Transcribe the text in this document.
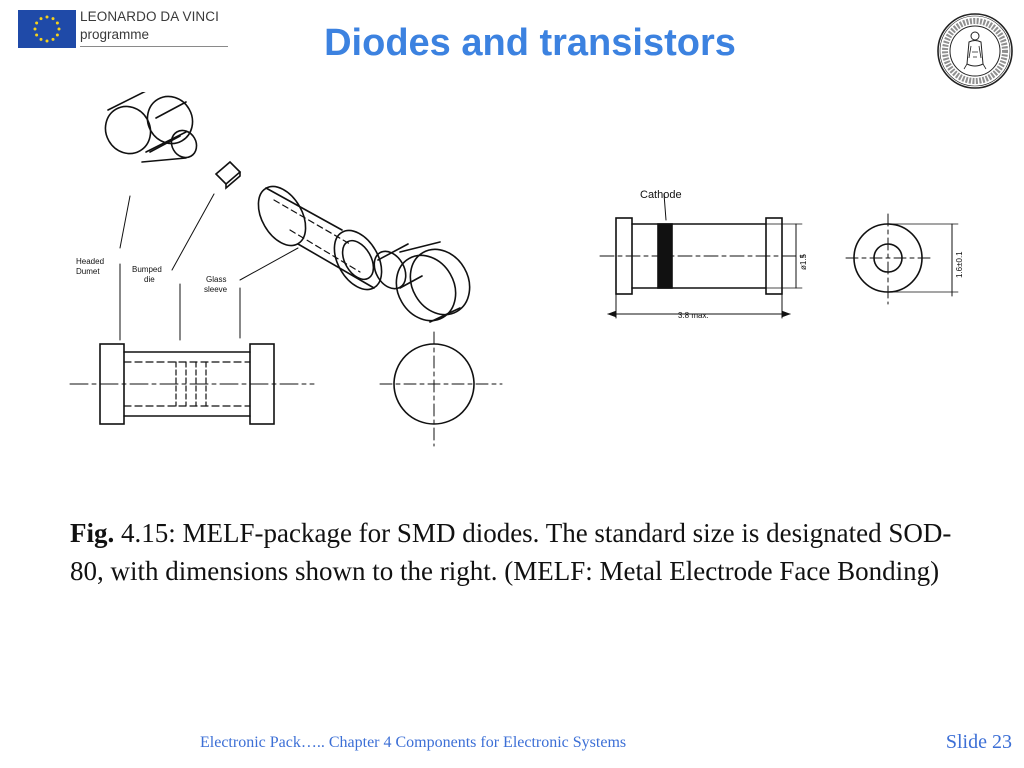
LEONARDO DA VINCI
programme	Diodes and transistors
Headed
Dumet	Bumped
die	Glass
sleeve
Cathode
3.8 max.
ø1.5	1.6±0.1
Fig. 4.15: MELF-package for SMD diodes. The standard size is designated SOD-80, with dimensions shown to the right. (MELF: Metal Electrode Face Bonding)
Electronic Pack….. Chapter 4 Components for Electronic Systems	Slide 23
